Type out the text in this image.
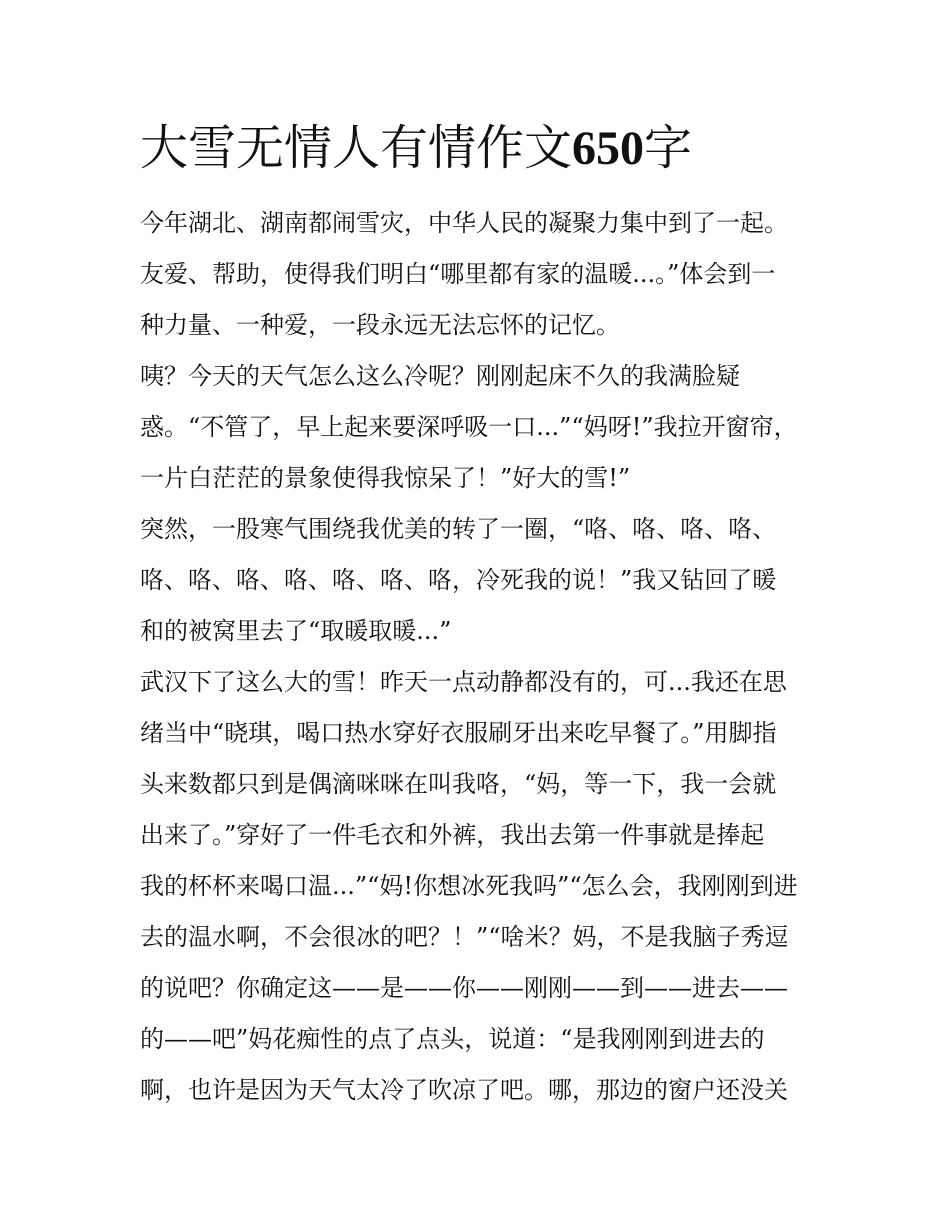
大雪无情人有情作文650字
今年湖北、湖南都闹雪灾，中华人民的凝聚力集中到了一起。
友爱、帮助，使得我们明白“哪里都有家的温暖...。”体会到一
种力量、一种爱，一段永远无法忘怀的记忆。
咦？今天的天气怎么这么冷呢？刚刚起床不久的我满脸疑
惑。“不管了，早上起来要深呼吸一口...”“妈呀!”我拉开窗帘，
一片白茫茫的景象使得我惊呆了！”好大的雪!”
突然，一股寒气围绕我优美的转了一圈，“咯、咯、咯、咯、
咯、咯、咯、咯、咯、咯、咯，冷死我的说！”我又钻回了暖
和的被窝里去了“取暖取暖...”
武汉下了这么大的雪！昨天一点动静都没有的，可...我还在思
绪当中“晓琪，喝口热水穿好衣服刷牙出来吃早餐了。”用脚指
头来数都只到是偶滴咪咪在叫我咯，“妈，等一下，我一会就
出来了。”穿好了一件毛衣和外裤，我出去第一件事就是捧起
我的杯杯来喝口温...”“妈!你想冰死我吗”“怎么会，我刚刚到进
去的温水啊，不会很冰的吧？！”“啥米？妈，不是我脑子秀逗
的说吧？你确定这——是——你——刚刚——到——进去——
的——吧”妈花痴性的点了点头，说道：“是我刚刚到进去的
啊，也许是因为天气太冷了吹凉了吧。哪，那边的窗户还没关
